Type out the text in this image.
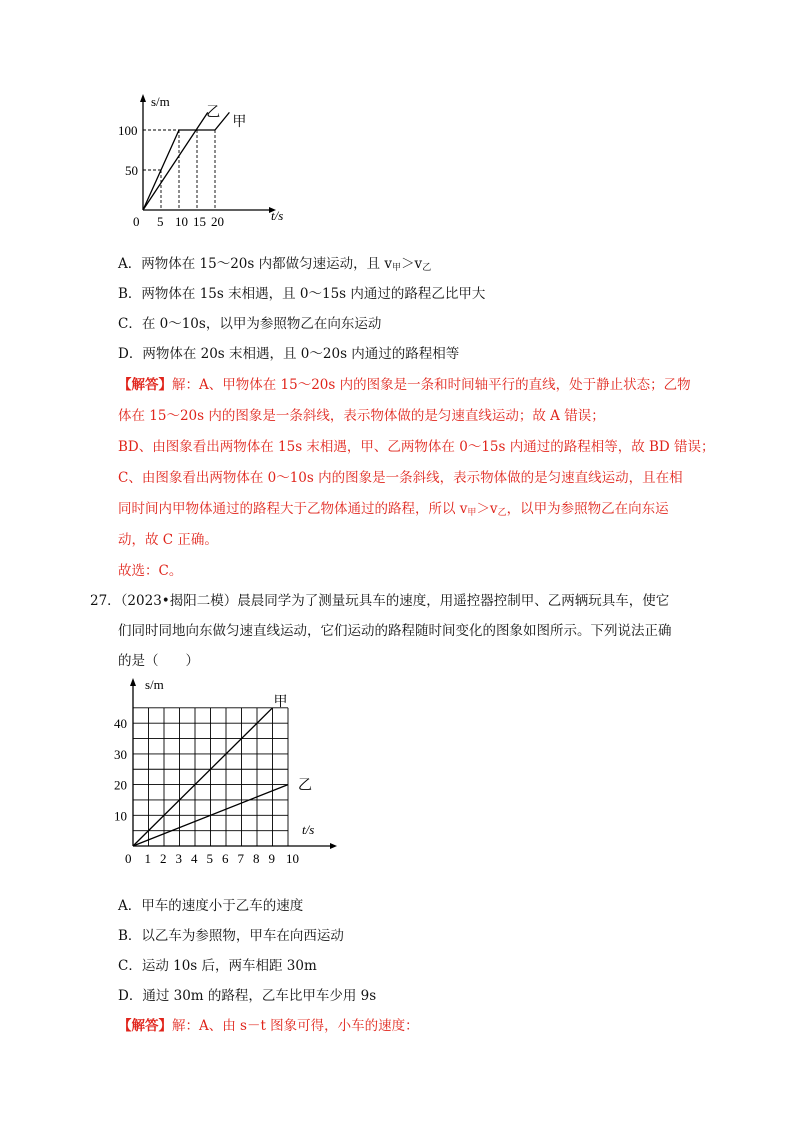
s/m
t/s
0 5 10 15 20
50
100
乙
甲
A．两物体在 15～20s 内都做匀速运动，且 $v_甲>v_乙$
B．两物体在 15s 末相遇，且 0～15s 内通过的路程乙比甲大
C．在 0～10s，以甲为参照物乙在向东运动
D．两物体在 20s 末相遇，且 0～20s 内通过的路程相等
【解答】解：A、甲物体在 15～20s 内的图象是一条和时间轴平行的直线，处于静止状态；乙物
体在 15～20s 内的图象是一条斜线，表示物体做的是匀速直线运动；故 A 错误；
BD、由图象看出两物体在 15s 末相遇，甲、乙两物体在 0～15s 内通过的路程相等，故 BD 错误；
C、由图象看出两物体在 0～10s 内的图象是一条斜线，表示物体做的是匀速直线运动，且在相
同时间内甲物体通过的路程大于乙物体通过的路程，所以 $v_甲>v_乙$，以甲为参照物乙在向东运
动，故 C 正确。
故选：C。
27．（2023•揭阳二模）晨晨同学为了测量玩具车的速度，用遥控器控制甲、乙两辆玩具车，使它
们同时同地向东做匀速直线运动，它们运动的路程随时间变化的图象如图所示。下列说法正确
的是（　　）
s/m
t/s
0 1 2 3 4 5 6 7 8 9 10
10
20
30
40
甲
乙
A．甲车的速度小于乙车的速度
B．以乙车为参照物，甲车在向西运动
C．运动 10s 后，两车相距 30m
D．通过 30m 的路程，乙车比甲车少用 9s
【解答】解：A、由 s－t 图象可得，小车的速度：
